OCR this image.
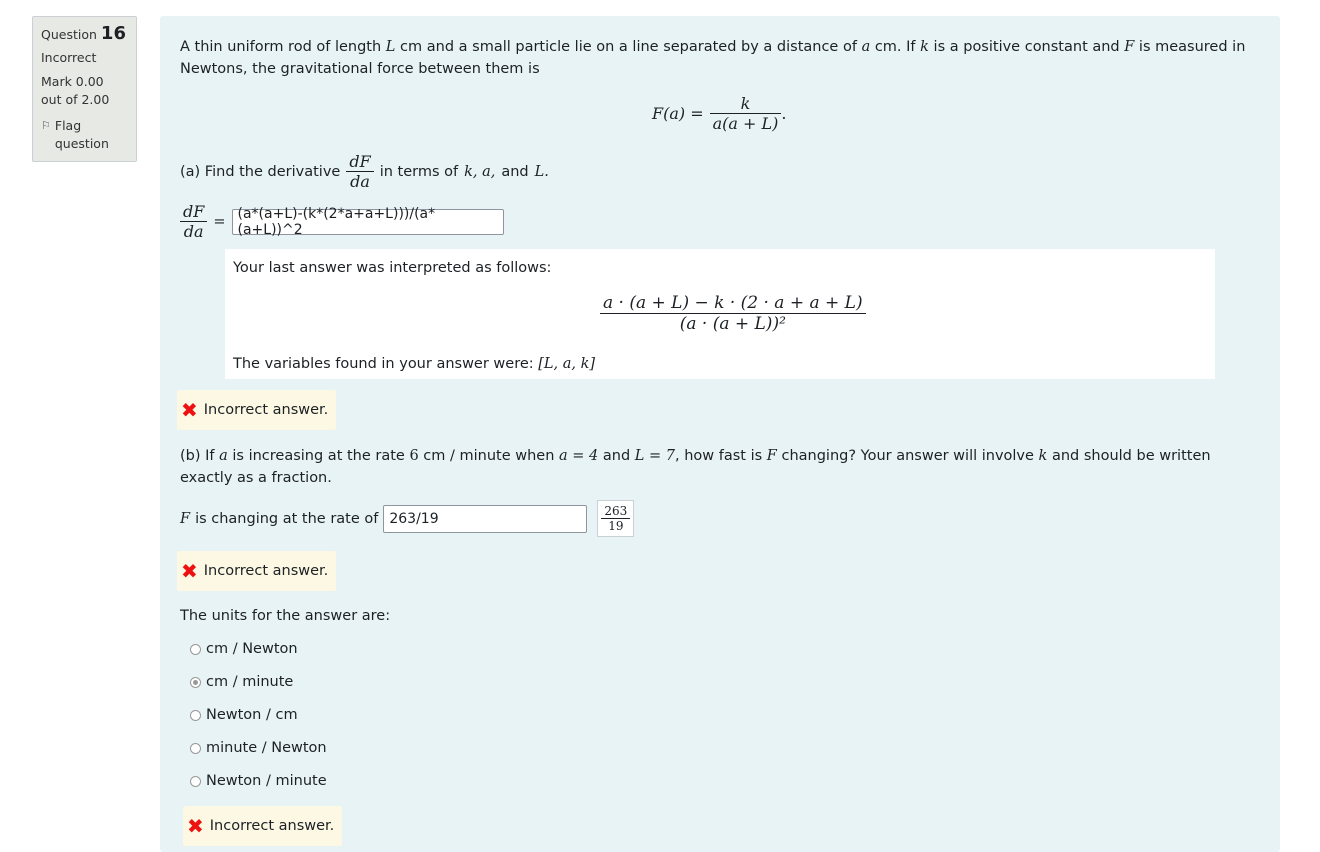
Question 16
Incorrect
Mark 0.00 out of 2.00
⚐ Flag question
A thin uniform rod of length L cm and a small particle lie on a line separated by a distance of a cm. If k is a positive constant and F is measured in Newtons, the gravitational force between them is
$F(a) = \frac{k}{a(a + L)}$ .
(a) Find the derivative $\frac{dF}{da}$ in terms of k, a, and L.
$\frac{dF}{da}$ = (a*(a+L)-(k*(2*a+a+L)))/(a*(a+L))^2
Your last answer was interpreted as follows:
$\frac{a \cdot (a + L) - k \cdot (2 \cdot a + a + L)}{\text{(a · (a + L))²}}$
The variables found in your answer were: [L, a, k]
✖ Incorrect answer.
(b) If a is increasing at the rate 6 cm / minute when a = 4 and L = 7, how fast is F changing? Your answer will involve k and should be written exactly as a fraction.
F is changing at the rate of 263/19	$\frac{263}{19}$
✖ Incorrect answer.
The units for the answer are:
cm / Newton
cm / minute
Newton / cm
minute / Newton
Newton / minute
✖ Incorrect answer.
